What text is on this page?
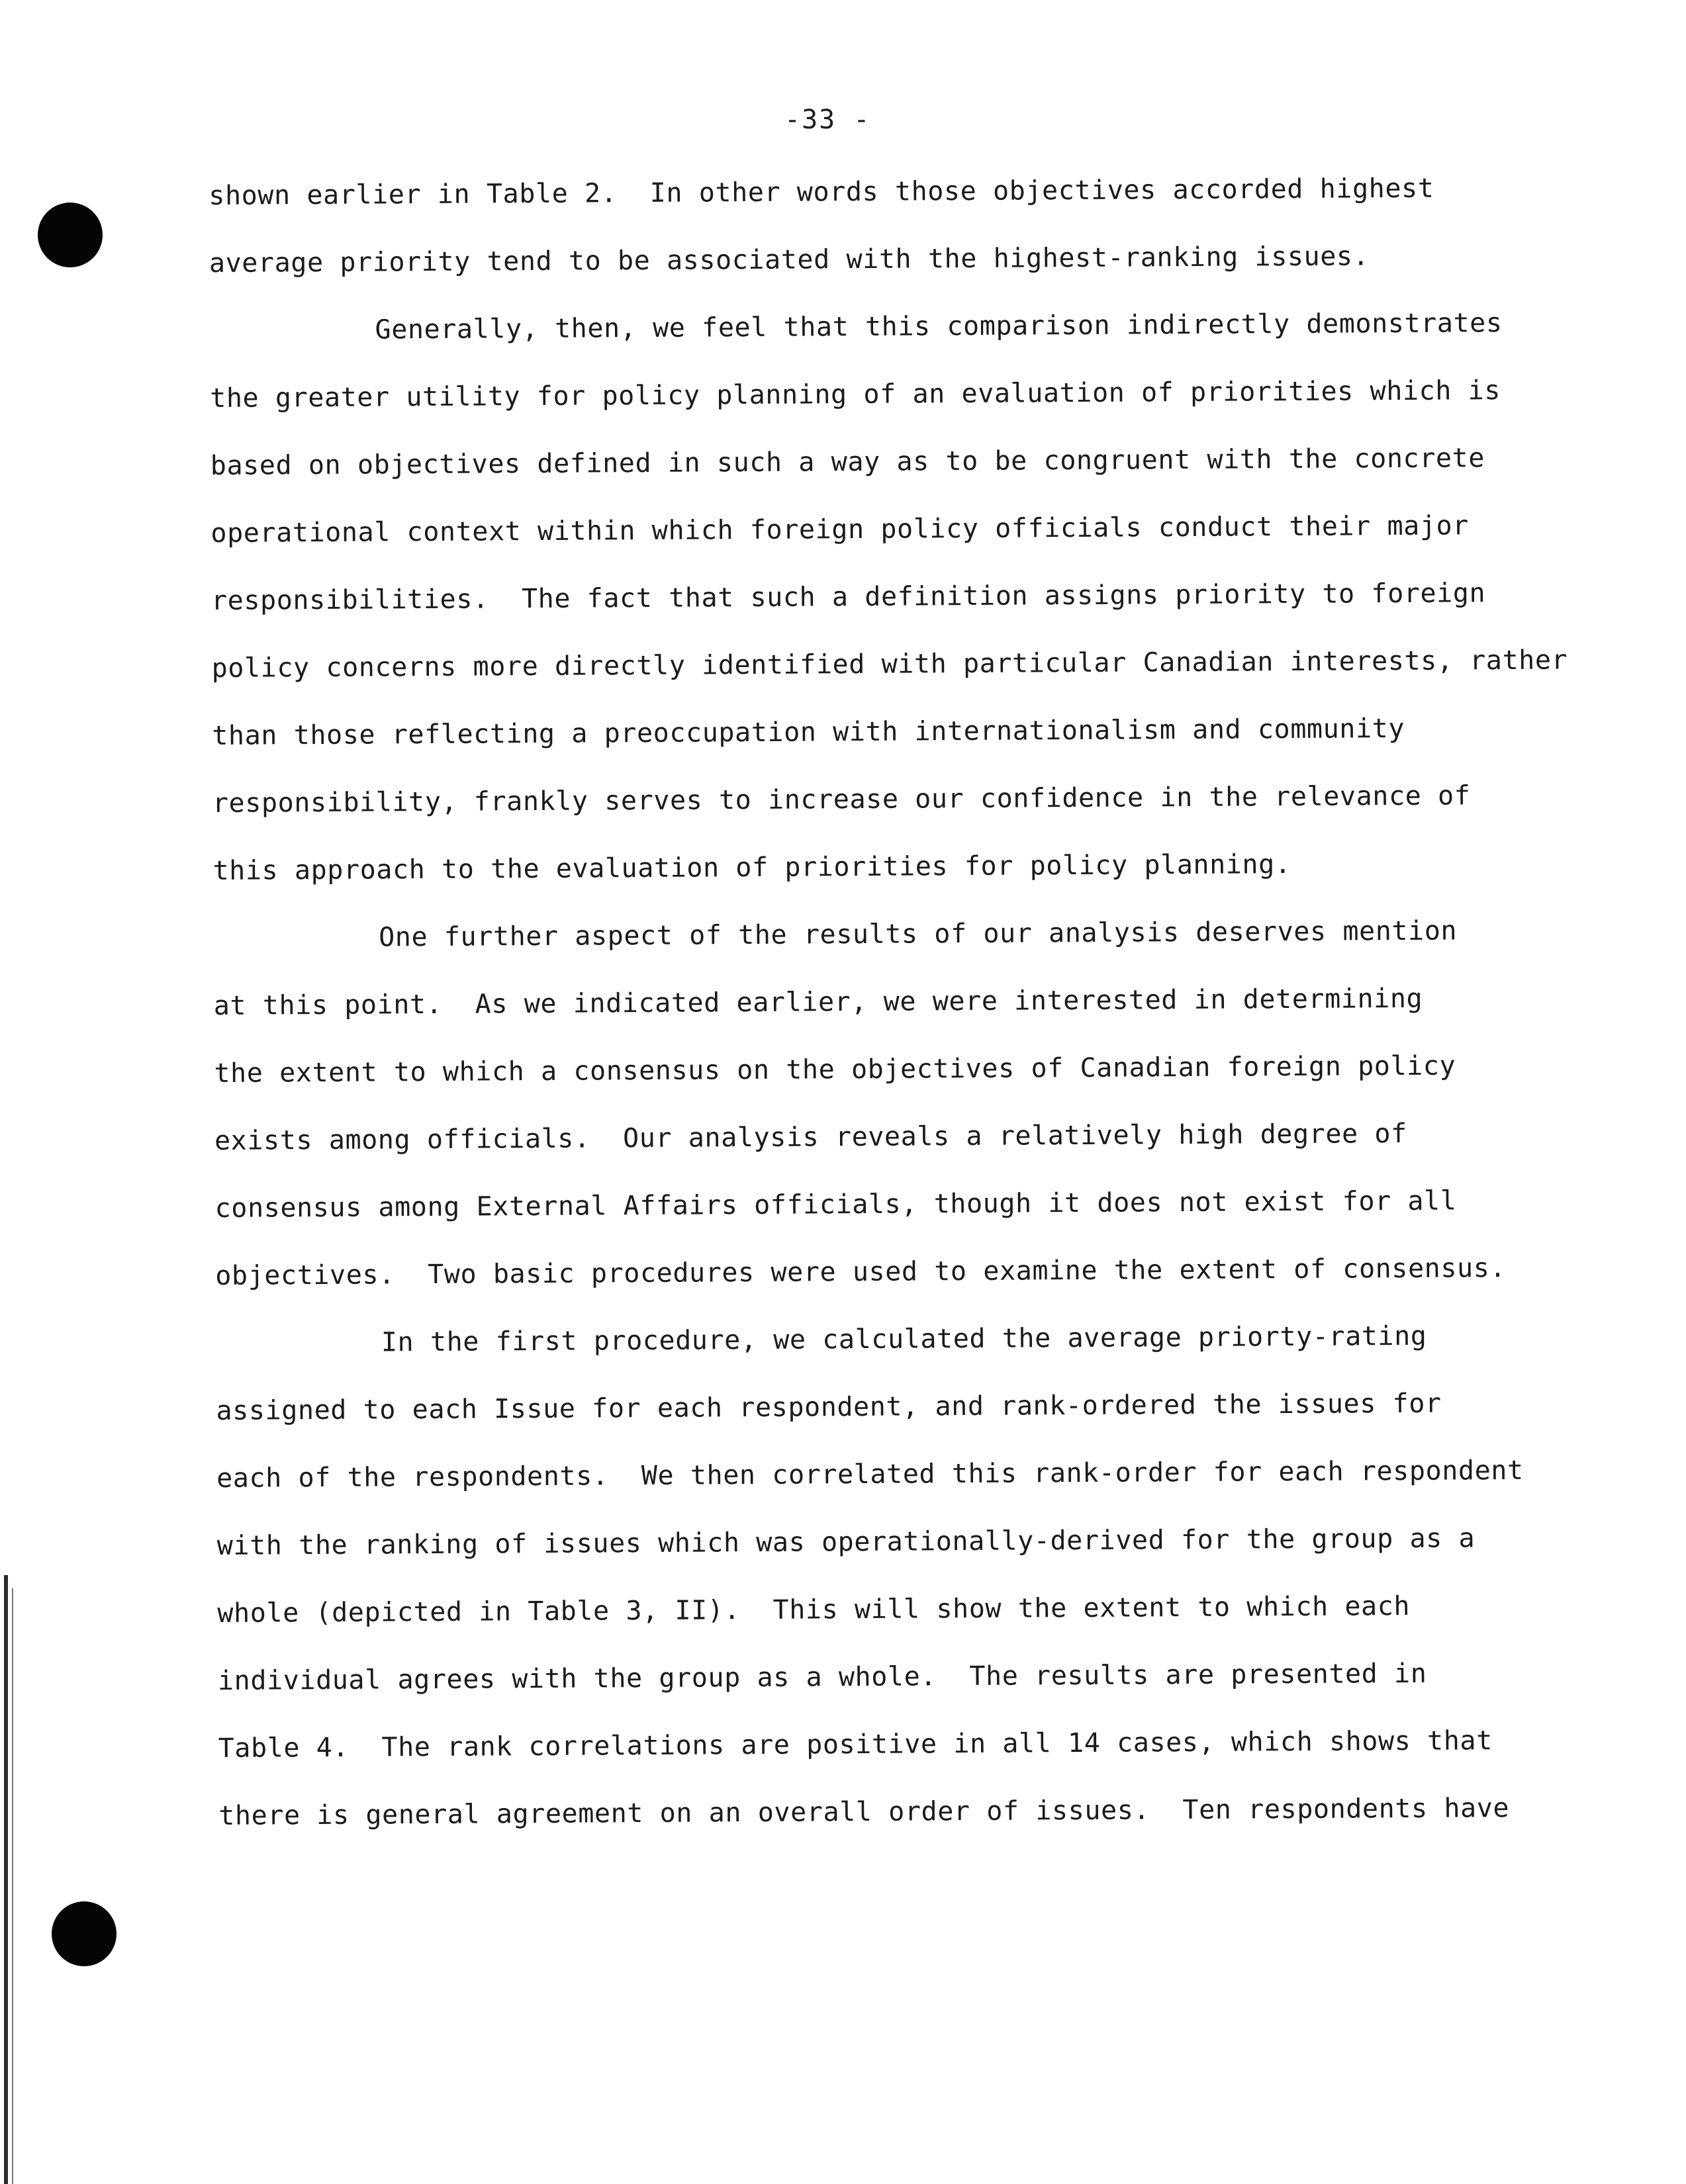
-33 -
shown earlier in Table 2.  In other words those objectives accorded highest
average priority tend to be associated with the highest-ranking issues.
Generally, then, we feel that this comparison indirectly demonstrates
the greater utility for policy planning of an evaluation of priorities which is
based on objectives defined in such a way as to be congruent with the concrete
operational context within which foreign policy officials conduct their major
responsibilities.  The fact that such a definition assigns priority to foreign
policy concerns more directly identified with particular Canadian interests, rather
than those reflecting a preoccupation with internationalism and community
responsibility, frankly serves to increase our confidence in the relevance of
this approach to the evaluation of priorities for policy planning.
One further aspect of the results of our analysis deserves mention
at this point.  As we indicated earlier, we were interested in determining
the extent to which a consensus on the objectives of Canadian foreign policy
exists among officials.  Our analysis reveals a relatively high degree of
consensus among External Affairs officials, though it does not exist for all
objectives.  Two basic procedures were used to examine the extent of consensus.
In the first procedure, we calculated the average priorty-rating
assigned to each Issue for each respondent, and rank-ordered the issues for
each of the respondents.  We then correlated this rank-order for each respondent
with the ranking of issues which was operationally-derived for the group as a
whole (depicted in Table 3, II).  This will show the extent to which each
individual agrees with the group as a whole.  The results are presented in
Table 4.  The rank correlations are positive in all 14 cases, which shows that
there is general agreement on an overall order of issues.  Ten respondents have
